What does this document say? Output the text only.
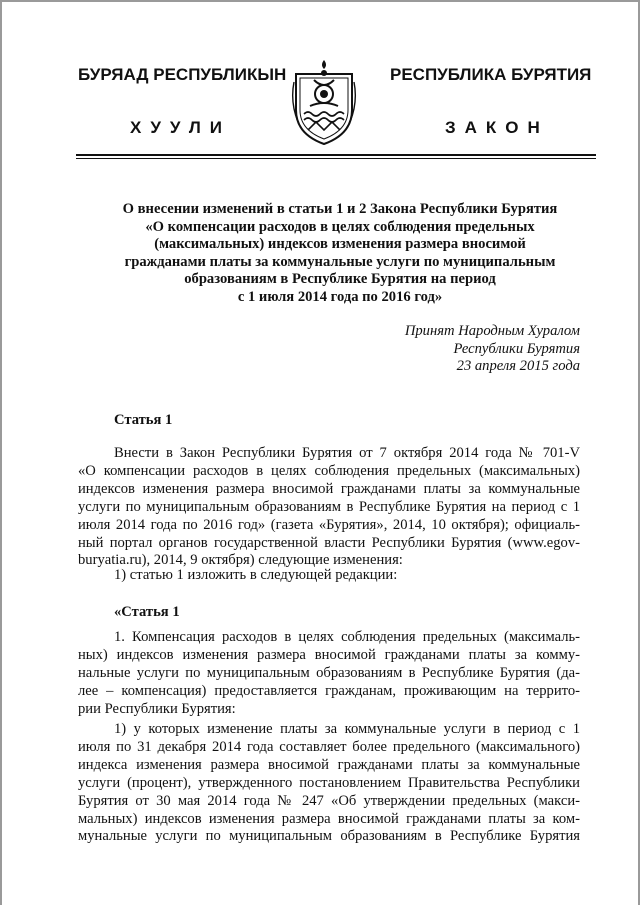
БУРЯАД РЕСПУБЛИКЫН	РЕСПУБЛИКА БУРЯТИЯ
ХУУЛИ	ЗАКОН
О внесении изменений в статьи 1 и 2 Закона Республики Бурятия
«О компенсации расходов в целях соблюдения предельных
(максимальных) индексов изменения размера вносимой
гражданами платы за коммунальные услуги по муниципальным
образованиям в Республике Бурятия на период
с 1 июля 2014 года по 2016 год»
Принят Народным Хуралом
Республики Бурятия
23 апреля 2015 года
Статья 1
Внести в Закон Республики Бурятия от 7 октября 2014 года № 701-V
«О компенсации расходов в целях соблюдения предельных (максимальных)
индексов изменения размера вносимой гражданами платы за коммунальные
услуги по муниципальным образованиям в Республике Бурятия на период с 1
июля 2014 года по 2016 год» (газета «Бурятия», 2014, 10 октября); официаль-
ный портал органов государственной власти Республики Бурятия (www.egov-
buryatia.ru), 2014, 9 октября) следующие изменения:
1) статью 1 изложить в следующей редакции:
«Статья 1
1. Компенсация расходов в целях соблюдения предельных (максималь-
ных) индексов изменения размера вносимой гражданами платы за комму-
нальные услуги по муниципальным образованиям в Республике Бурятия (да-
лее – компенсация) предоставляется гражданам, проживающим на террито-
рии Республики Бурятия:
1) у которых изменение платы за коммунальные услуги в период с 1
июля по 31 декабря 2014 года составляет более предельного (максимального)
индекса изменения размера вносимой гражданами платы за коммунальные
услуги (процент), утвержденного постановлением Правительства Республики
Бурятия от 30 мая 2014 года № 247 «Об утверждении предельных (макси-
мальных) индексов изменения размера вносимой гражданами платы за ком-
мунальные услуги по муниципальным образованиям в Республике Бурятия
